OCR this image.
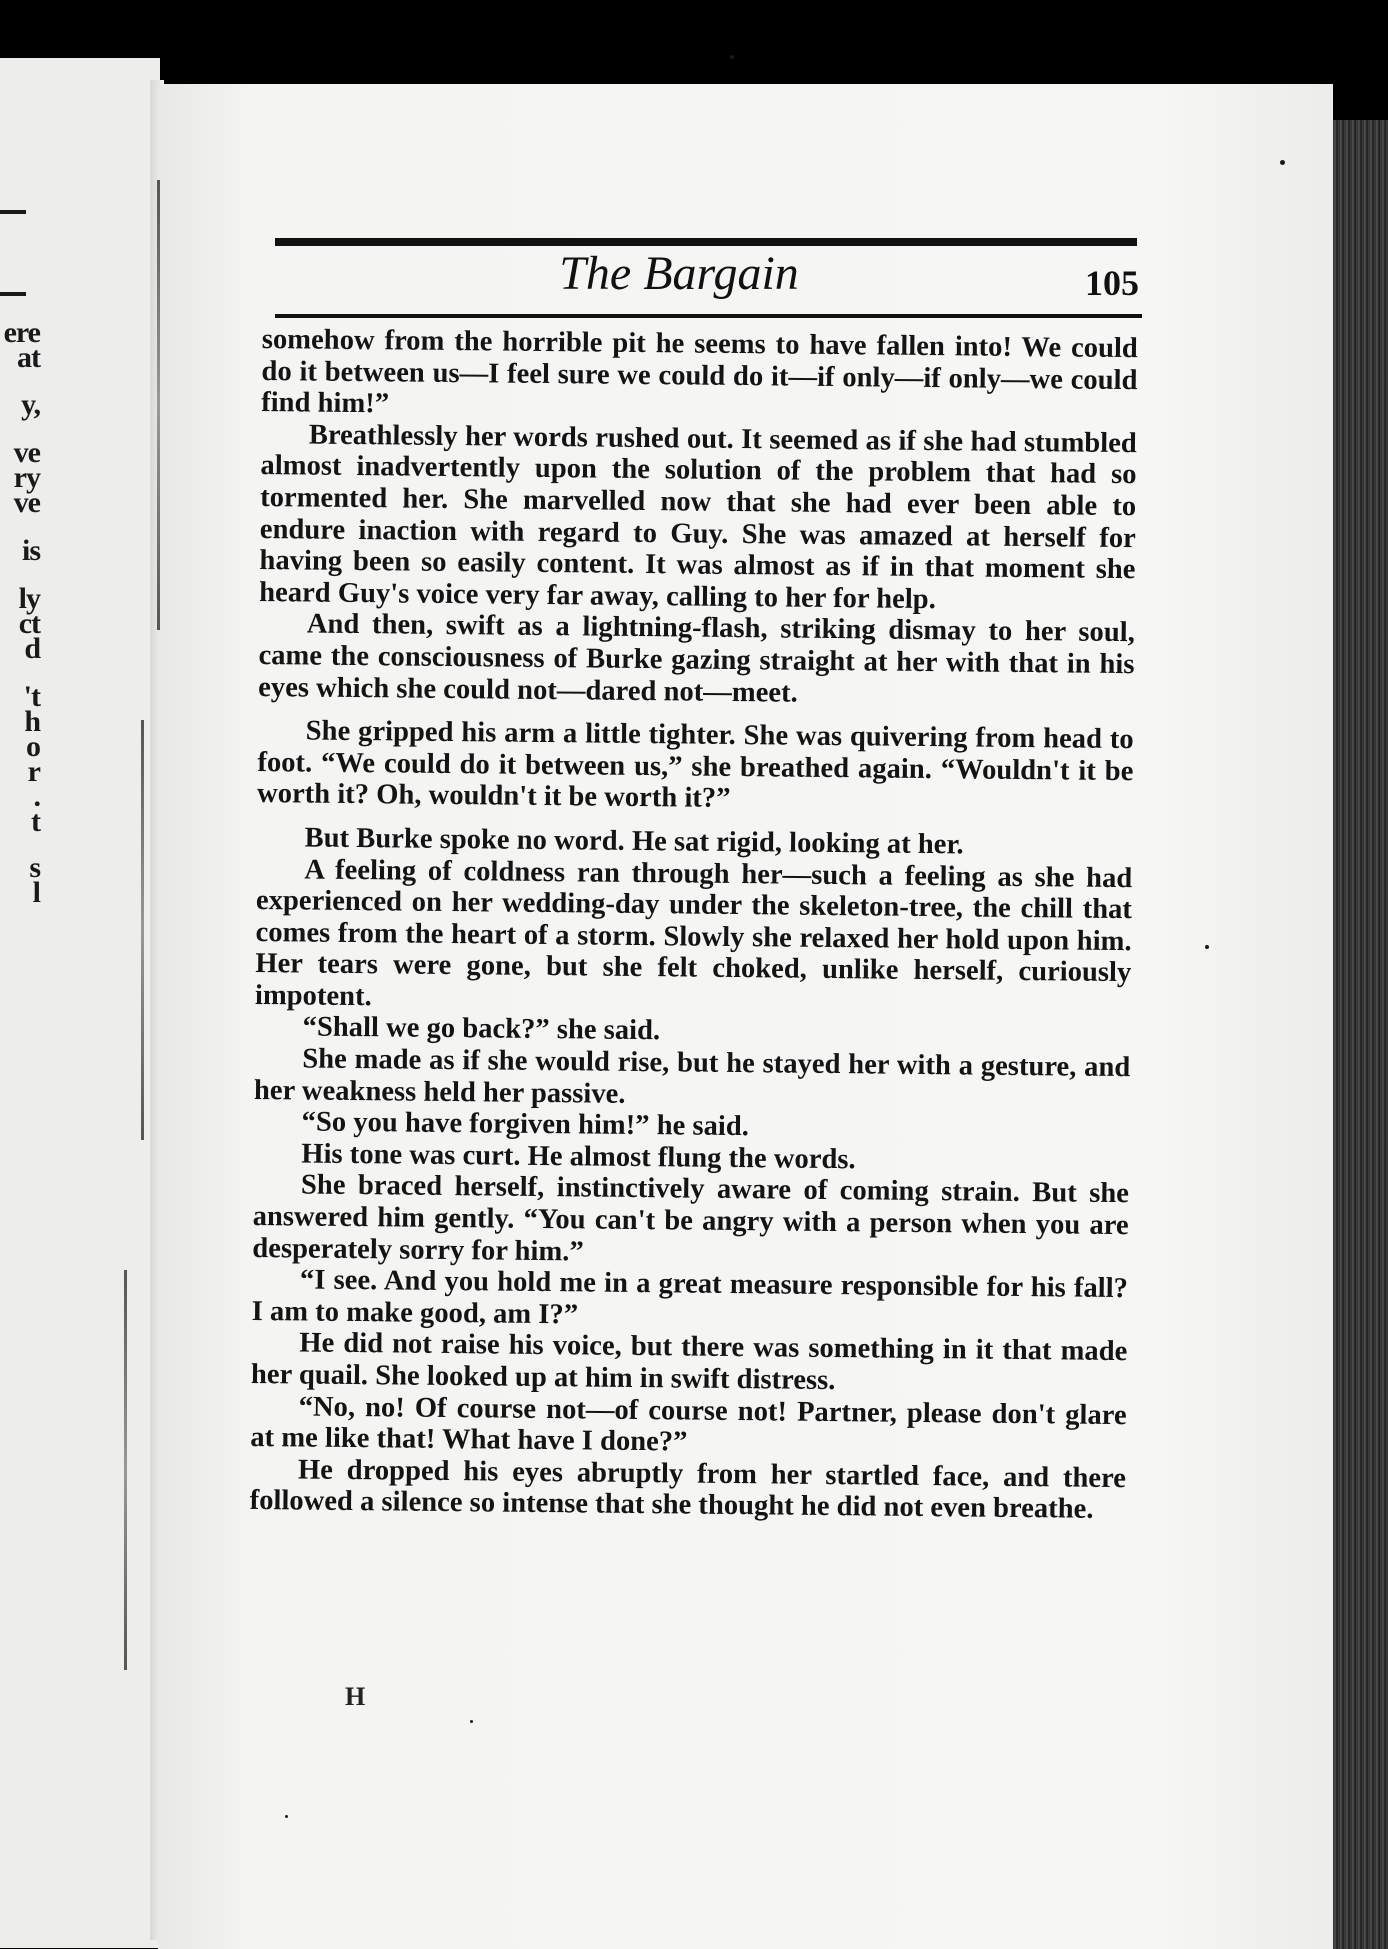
ere
at
y,
ve
ry
ve
is
ly
ct
d
't
h
o
r
.
t
s
l
The Bargain	105

somehow from the horrible pit he seems to have fallen into! We could do it between us—I feel sure we could do it—if only—if only—we could find him!”

Breathlessly her words rushed out. It seemed as if she had stumbled almost inadvertently upon the solution of the problem that had so tormented her. She marvelled now that she had ever been able to endure inaction with regard to Guy. She was amazed at herself for having been so easily content. It was almost as if in that moment she heard Guy's voice very far away, calling to her for help.

And then, swift as a lightning-flash, striking dismay to her soul, came the consciousness of Burke gazing straight at her with that in his eyes which she could not—dared not—meet.

She gripped his arm a little tighter. She was quivering from head to foot. “We could do it between us,” she breathed again. “Wouldn't it be worth it? Oh, wouldn't it be worth it?”

But Burke spoke no word. He sat rigid, looking at her.

A feeling of coldness ran through her—such a feeling as she had experienced on her wedding-day under the skeleton-tree, the chill that comes from the heart of a storm. Slowly she relaxed her hold upon him. Her tears were gone, but she felt choked, unlike herself, curiously impotent.

“Shall we go back?” she said.

She made as if she would rise, but he stayed her with a gesture, and her weakness held her passive.

“So you have forgiven him!” he said.

His tone was curt. He almost flung the words.

She braced herself, instinctively aware of coming strain. But she answered him gently. “You can't be angry with a person when you are desperately sorry for him.”

“I see. And you hold me in a great measure responsible for his fall? I am to make good, am I?”

He did not raise his voice, but there was something in it that made her quail. She looked up at him in swift distress.

“No, no! Of course not—of course not! Partner, please don't glare at me like that! What have I done?”

He dropped his eyes abruptly from her startled face, and there followed a silence so intense that she thought he did not even breathe.

H
